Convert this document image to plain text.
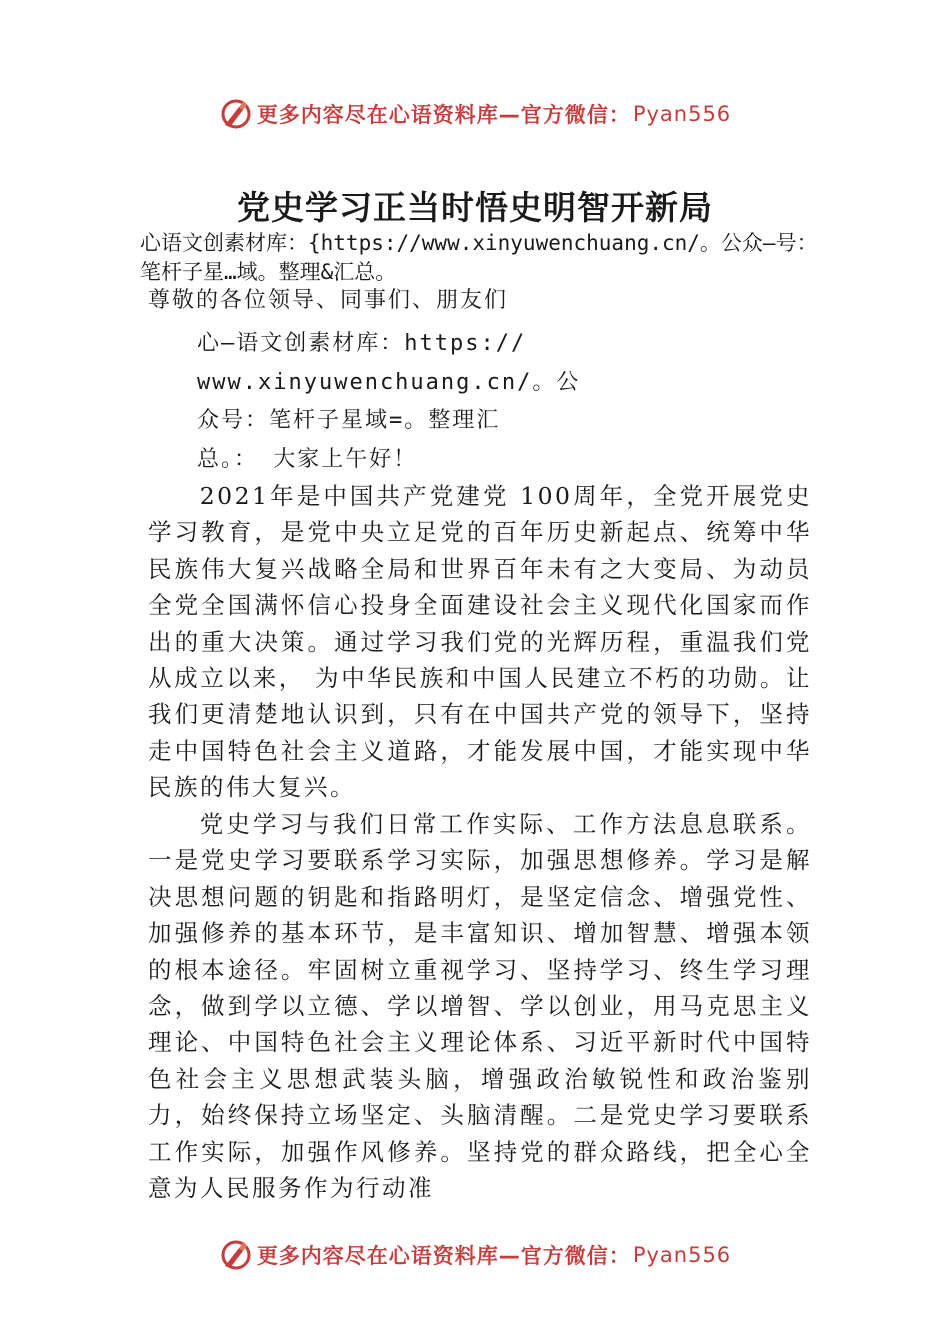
更多内容尽在心语资料库—官方微信： Pyan556
党史学习正当时悟史明智开新局

心语文创素材库：{https://www.xinyuwenchuang.cn/。公众—号：笔杆子星…域。整理&汇总。

尊敬的各位领导、同事们、朋友们

心—语文创素材库：https://
www.xinyuwenchuang.cn/。公
众号：笔杆子星域=。整理汇
总。： 大家上午好！

2021年是中国共产党建党 100周年，全党开展党史学习教育，是党中央立足党的百年历史新起点、统筹中华民族伟大复兴战略全局和世界百年未有之大变局、为动员全党全国满怀信心投身全面建设社会主义现代化国家而作出的重大决策。通过学习我们党的光辉历程，重温我们党从成立以来， 为中华民族和中国人民建立不朽的功勋。让我们更清楚地认识到，只有在中国共产党的领导下，坚持走中国特色社会主义道路，才能发展中国，才能实现中华民族的伟大复兴。

党史学习与我们日常工作实际、工作方法息息联系。一是党史学习要联系学习实际，加强思想修养。学习是解决思想问题的钥匙和指路明灯，是坚定信念、增强党性、加强修养的基本环节，是丰富知识、增加智慧、增强本领的根本途径。牢固树立重视学习、坚持学习、终生学习理念，做到学以立德、学以增智、学以创业，用马克思主义理论、中国特色社会主义理论体系、习近平新时代中国特色社会主义思想武装头脑，增强政治敏锐性和政治鉴别力，始终保持立场坚定、头脑清醒。二是党史学习要联系工作实际，加强作风修养。坚持党的群众路线，把全心全意为人民服务作为行动准

更多内容尽在心语资料库—官方微信： Pyan556
